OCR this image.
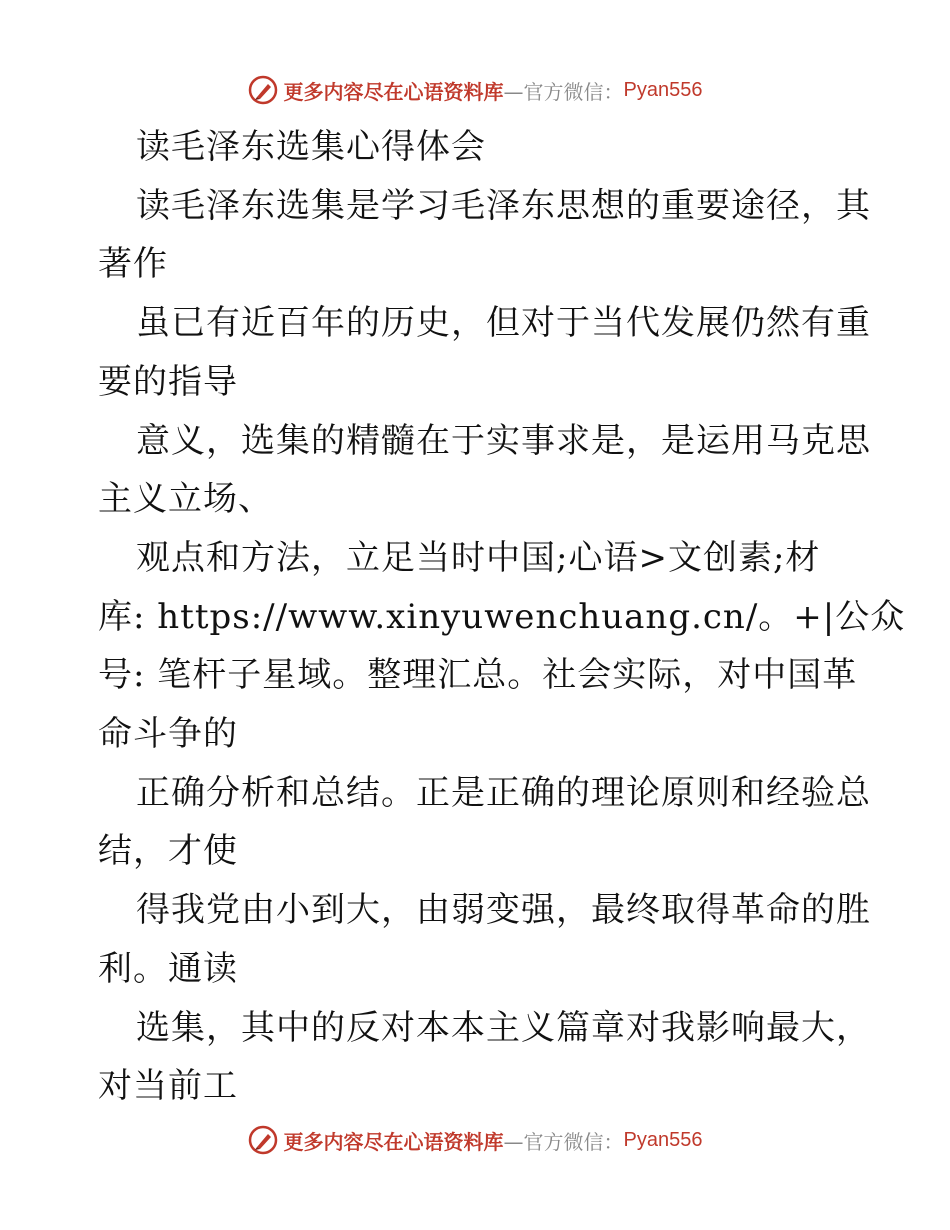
更多内容尽在心语资料库 —官方微信： Pyan556
读毛泽东选集心得体会
读毛泽东选集是学习毛泽东思想的重要途径，其
著作
虽已有近百年的历史，但对于当代发展仍然有重
要的指导
意义，选集的精髓在于实事求是，是运用马克思
主义立场、
观点和方法，立足当时中国;心语>文创素;材
库: https://www.xinyuwenchuang.cn/。+|公众
号: 笔杆子星域。整理汇总。社会实际，对中国革
命斗争的
正确分析和总结。正是正确的理论原则和经验总
结，才使
得我党由小到大，由弱变强，最终取得革命的胜
利。通读
选集，其中的反对本本主义篇章对我影响最大，
对当前工
更多内容尽在心语资料库 —官方微信： Pyan556
